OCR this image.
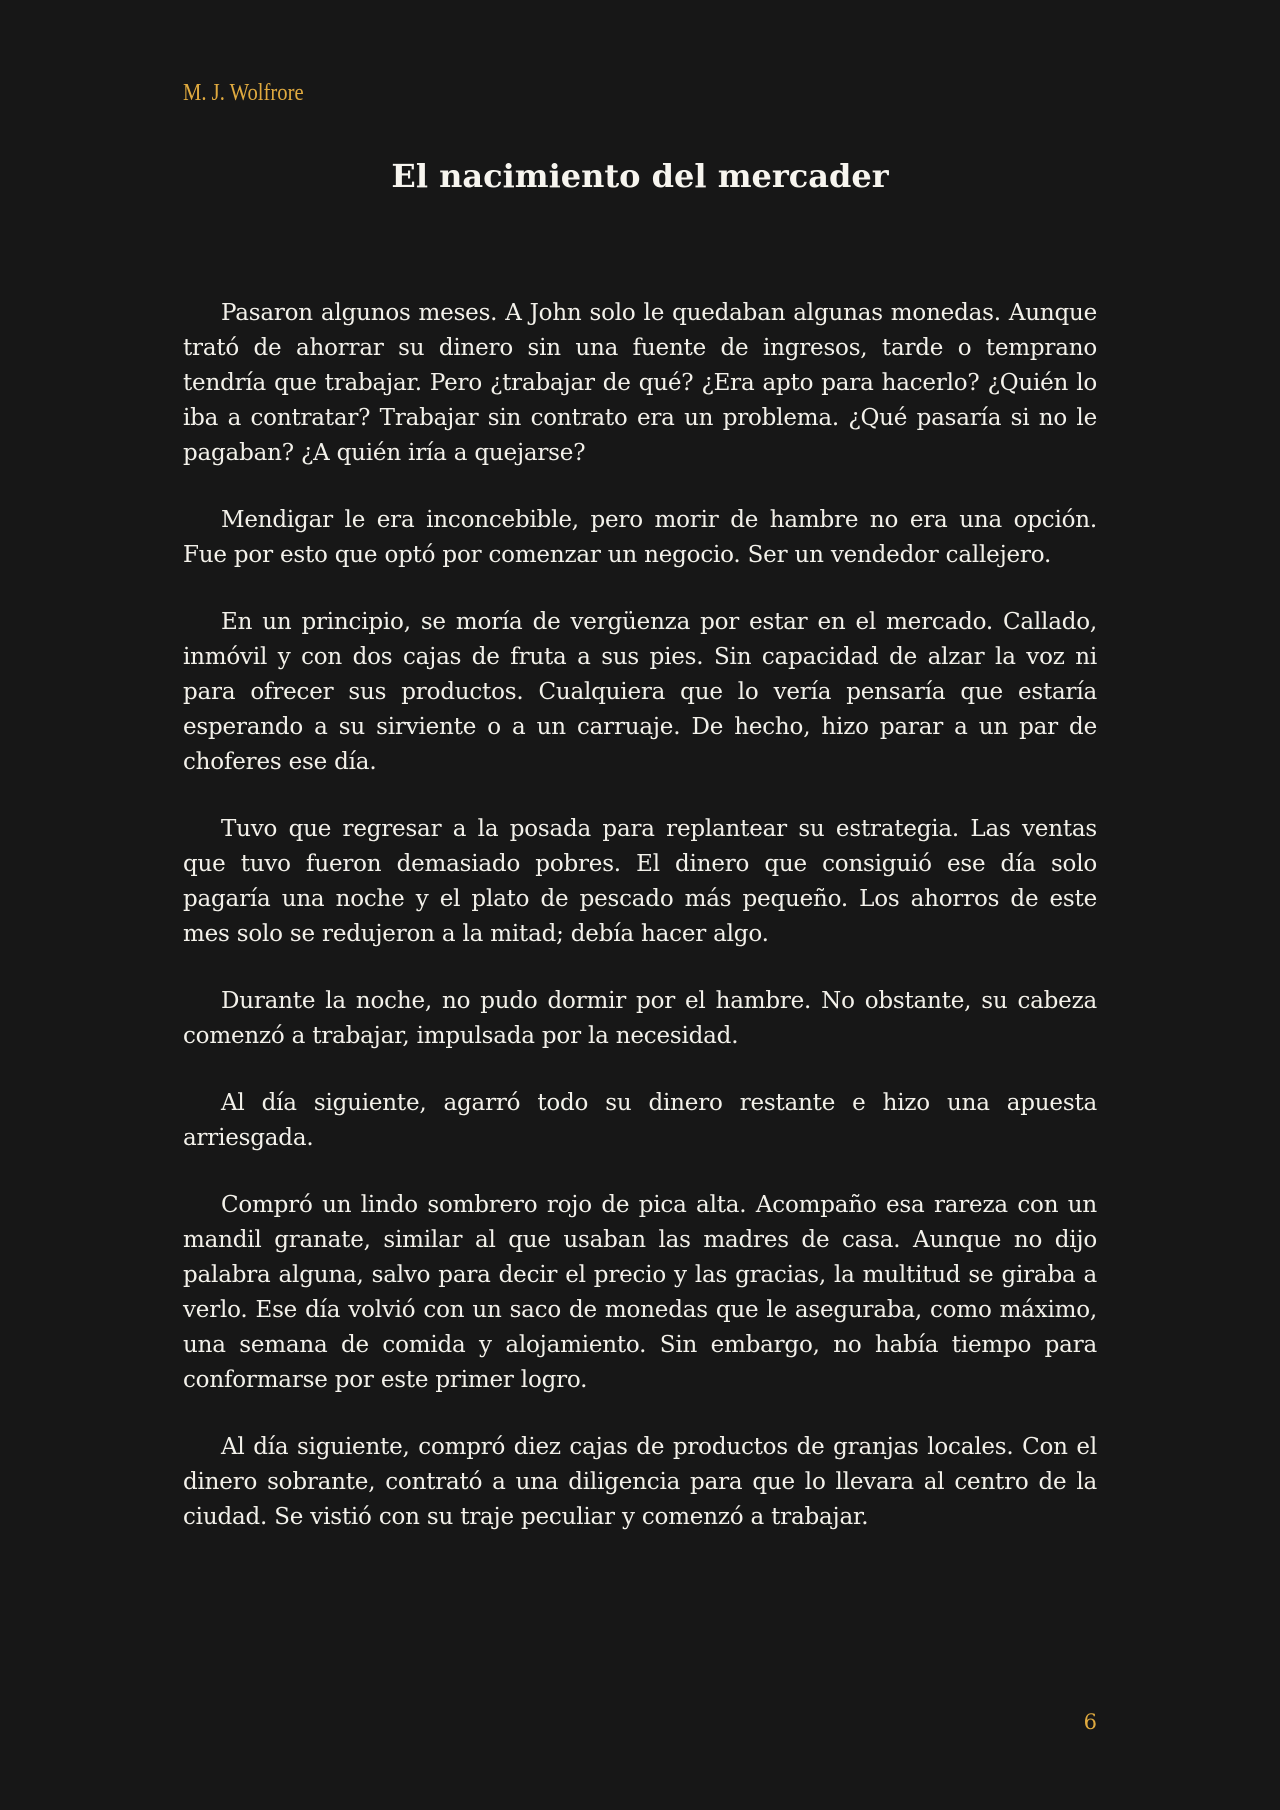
M. J. Wolfrore
El nacimiento del mercader

Pasaron algunos meses. A John solo le quedaban algunas monedas. Aunque trató de ahorrar su dinero sin una fuente de ingresos, tarde o temprano tendría que trabajar. Pero ¿trabajar de qué? ¿Era apto para hacerlo? ¿Quién lo iba a contratar? Trabajar sin contrato era un problema. ¿Qué pasaría si no le pagaban? ¿A quién iría a quejarse?

Mendigar le era inconcebible, pero morir de hambre no era una opción. Fue por esto que optó por comenzar un negocio. Ser un vendedor callejero.

En un principio, se moría de vergüenza por estar en el mercado. Callado, inmóvil y con dos cajas de fruta a sus pies. Sin capacidad de alzar la voz ni para ofrecer sus productos. Cualquiera que lo vería pensaría que estaría esperando a su sirviente o a un carruaje. De hecho, hizo parar a un par de choferes ese día.

Tuvo que regresar a la posada para replantear su estrategia. Las ventas que tuvo fueron demasiado pobres. El dinero que consiguió ese día solo pagaría una noche y el plato de pescado más pequeño. Los ahorros de este mes solo se redujeron a la mitad; debía hacer algo.

Durante la noche, no pudo dormir por el hambre. No obstante, su cabeza comenzó a trabajar, impulsada por la necesidad.

Al día siguiente, agarró todo su dinero restante e hizo una apuesta arriesgada.

Compró un lindo sombrero rojo de pica alta. Acompaño esa rareza con un mandil granate, similar al que usaban las madres de casa. Aunque no dijo palabra alguna, salvo para decir el precio y las gracias, la multitud se giraba a verlo. Ese día volvió con un saco de monedas que le aseguraba, como máximo, una semana de comida y alojamiento. Sin embargo, no había tiempo para conformarse por este primer logro.

Al día siguiente, compró diez cajas de productos de granjas locales. Con el dinero sobrante, contrató a una diligencia para que lo llevara al centro de la ciudad. Se vistió con su traje peculiar y comenzó a trabajar.

6
